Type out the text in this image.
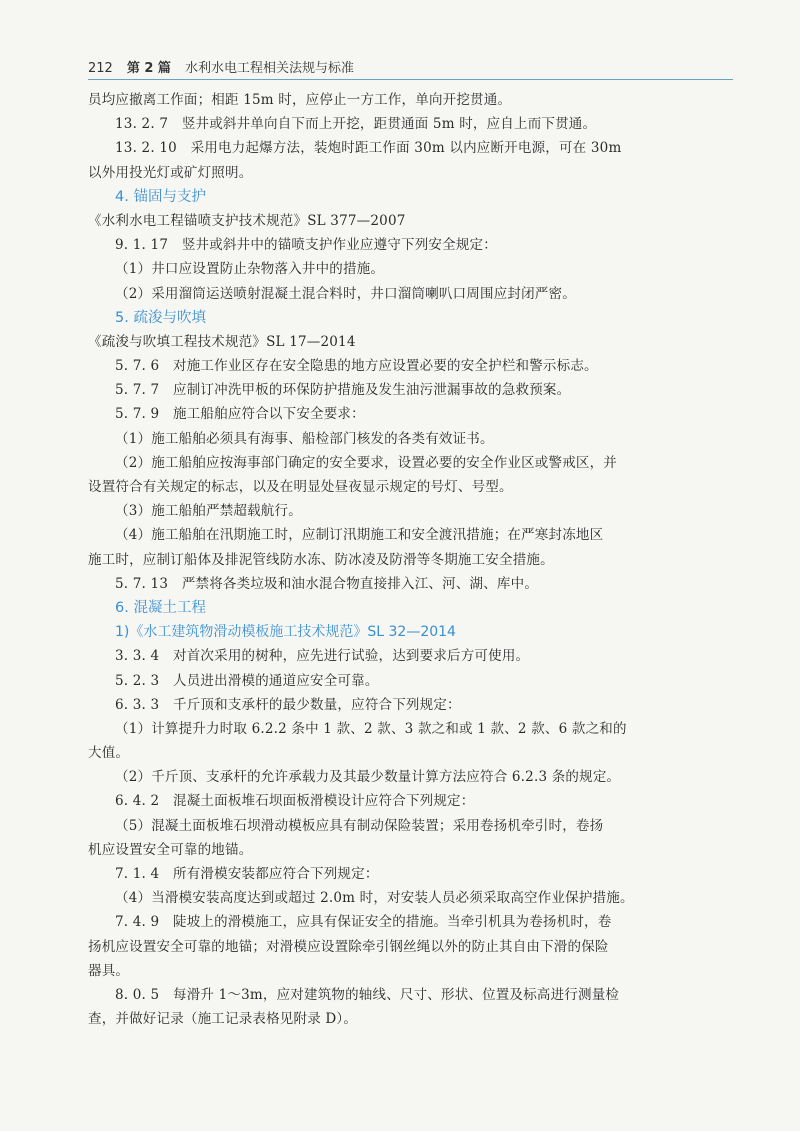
212 第 2 篇 水利水电工程相关法规与标准
员均应撤离工作面；相距 15m 时，应停止一方工作，单向开挖贯通。
13. 2. 7　竖井或斜井单向自下而上开挖，距贯通面 5m 时，应自上而下贯通。
13. 2. 10　采用电力起爆方法，装炮时距工作面 30m 以内应断开电源，可在 30m
以外用投光灯或矿灯照明。
4. 锚固与支护
《水利水电工程锚喷支护技术规范》SL 377—2007
9. 1. 17　竖井或斜井中的锚喷支护作业应遵守下列安全规定：
（1）井口应设置防止杂物落入井中的措施。
（2）采用溜筒运送喷射混凝土混合料时，井口溜筒喇叭口周围应封闭严密。
5. 疏浚与吹填
《疏浚与吹填工程技术规范》SL 17—2014
5. 7. 6　对施工作业区存在安全隐患的地方应设置必要的安全护栏和警示标志。
5. 7. 7　应制订冲洗甲板的环保防护措施及发生油污泄漏事故的急救预案。
5. 7. 9　施工船舶应符合以下安全要求：
（1）施工船舶必须具有海事、船检部门核发的各类有效证书。
（2）施工船舶应按海事部门确定的安全要求，设置必要的安全作业区或警戒区，并
设置符合有关规定的标志，以及在明显处昼夜显示规定的号灯、号型。
（3）施工船舶严禁超载航行。
（4）施工船舶在汛期施工时，应制订汛期施工和安全渡汛措施；在严寒封冻地区
施工时，应制订船体及排泥管线防水冻、防冰凌及防滑等冬期施工安全措施。
5. 7. 13　严禁将各类垃圾和油水混合物直接排入江、河、湖、库中。
6. 混凝土工程
1)《水工建筑物滑动模板施工技术规范》SL 32—2014
3. 3. 4　对首次采用的树种，应先进行试验，达到要求后方可使用。
5. 2. 3　人员进出滑模的通道应安全可靠。
6. 3. 3　千斤顶和支承杆的最少数量，应符合下列规定：
（1）计算提升力时取 6.2.2 条中 1 款、2 款、3 款之和或 1 款、2 款、6 款之和的
大值。
（2）千斤顶、支承杆的允许承载力及其最少数量计算方法应符合 6.2.3 条的规定。
6. 4. 2　混凝土面板堆石坝面板滑模设计应符合下列规定：
（5）混凝土面板堆石坝滑动模板应具有制动保险装置；采用卷扬机牵引时，卷扬
机应设置安全可靠的地锚。
7. 1. 4　所有滑模安装都应符合下列规定：
（4）当滑模安装高度达到或超过 2.0m 时，对安装人员必须采取高空作业保护措施。
7. 4. 9　陡坡上的滑模施工，应具有保证安全的措施。当牵引机具为卷扬机时，卷
扬机应设置安全可靠的地锚；对滑模应设置除牵引钢丝绳以外的防止其自由下滑的保险
器具。
8. 0. 5　每滑升 1～3m，应对建筑物的轴线、尺寸、形状、位置及标高进行测量检
查，并做好记录（施工记录表格见附录 D）。
